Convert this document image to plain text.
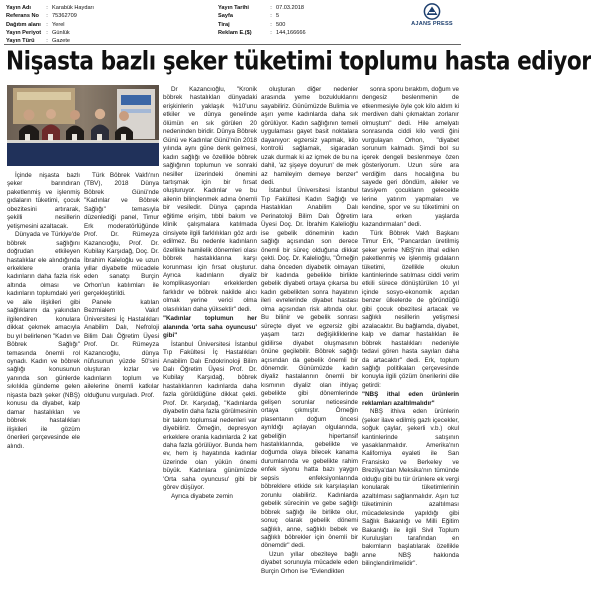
Yayın Adı	: Karabük Haydarı
Referans No	: 75362709
Dağıtım alanı : Yerel
Yayın Periyot : Günlük
Yayın Türü	: Gazete
Yayın Tarihi	: 07.03.2018
Sayfa	: 5
Tiraj	: 500
Reklam E.($)	: 144,166666
AJANS PRESS
Nişasta bazlı şeker tüketimi toplumu hasta ediyor

İçinde nişasta bazlı şeker barındıran paketlenmiş ve işlenmiş gıdaların tüketimi, çocuk obezitesini artırarak, şekilli nesillerin yetişmesini azaltacak.

Dünyada ve Türkiye'de böbrek sağlığını doğrudan etkileyen hastalıklar ele alındığında erkeklere oranla kadınların daha fazla risk altında olması ve kadınların toplumdaki yeri ve aile ilişkileri gibi sağlıklarını da yakından ilgilendiren konulara dikkat çekmek amacıyla bu yıl belirlenen "Kadın ve Böbrek Sağlığı" temasında önemli rol oynadı. Kadın ve böbrek sağlığı konusunun yanında son günlerde sıkılıkla gündeme gelen nişasta bazlı şeker (NBŞ) konusu da diyabet, kalp damar hastalıkları ve böbrek hastalıkları ilişkileri ile gözüm önerileri çerçevesinde ele alındı.

Türk Böbrek Vakfı'nın (TBV), 2018 Dünya Böbrek Günü'nde "Kadınlar ve Böbrek Sağlığı" temasıyla düzenlediği panel, Timur Erk moderatörlüğünde Prof. Dr. Rümeyza Kazancıoğlu, Prof. Dr. Kubilay Karşıdağ, Doç. Dr. İbrahim Kaleloğlu ve uzun yıllar diyabetle mücadele eden sanatçı Burçin Orhon'un katılımları ile gerçekleştirildi.

Panele katılan Bezmialem Vakıf Üniversitesi İç Hastalıkları Anabilim Dalı, Nefroloji Bilim Dalı Öğretim Üyesi Prof. Dr. Rümeyza Kazancıoğlu, dünya nüfusunun yüzde 50'sini oluşturan kızlar ve kadınların toplum ve ailelerine önemli katkılar olduğunu vurguladı. Prof.

Dr Kazancıoğlu, "Kronik böbrek hastalıkları dünyadaki erişkinlerin yaklaşık %10'unu etkiler ve dünya genelinde ölümün en sık görülen 20 nedeninden biridir. Dünya Böbrek Günü ve Kadınlar Günü'nün 2018 yılında aynı güne denk gelmesi, kadın sağlığı ve özellikle böbrek sağlığının toplumun ve sonraki nesiller üzerindeki önemini tartışmak için bir fırsat oluşturuyor. Kadınlar ve bu ailenin bilinçlenmek adına önemli bir vesiledir. Dünya çapında eğitime erişim, tıbbi bakım ve klinik çalışmalara katılmada cinsiyete ilgili farklılıkları göz ardı edilmez. Bu nedenle kadınların özellikle hamilelik dönemleri olası böbrek hastalıklarına karşı korunması için fırsat oluşturur. Ayrıca kadınların diyaliz komplikasyonları erkeklerden farklıdır ve böbrek nakilde alıcı olmak yerine verici olma olasılıkları daha yüksektir" dedi.

"Kadınlar toplumun her alanında 'orta saha oyuncusu' gibi"

İstanbul Üniversitesi İstanbul Tıp Fakültesi İç Hastalıkları Anabilim Dalı Endokrinoloji Bilim Dalı Öğretim Üyesi Prof. Dr. Kubilay Karşıdağ, böbrek hastalıklarının kadınlarda daha fazla görüldüğüne dikkat çekti. Prof. Dr. Karşıdağ, "Kadınlarda diyabetin daha fazla görülmesinin bir takım toplumsal nedenleri var diyebiliriz. Örneğin, depresyon erkeklere oranla kadınlarda 2 kat daha fazla görülüyor. Bunda hem ev, hem iş hayatında kadınlar üzerinde olan yükün önemi büyük. Kadınlara günümüzde 'Orta saha oyuncusu' gibi bir görev düşüyor.

Ayrıca diyabete zemin

oluşturan diğer nedenler arasında yeme bozukluklarını sayabiliriz. Günümüzde Bulimia ve aşırı yeme kadınlarda daha sık görülüyor. Kadın sağlığının temeli uygulaması gayet basit noktalara dayanıyor: egzersiz yapmak, kilo kontrolü sağlamak, sigaradan uzak durmak ki az içmek de bu na dahil, 'az şişeye doyurun' de mek az hamileyim demeye benzer" dedi.

İstanbul Üniversitesi İstanbul Tıp Fakültesi Kadın Sağlığı ve Hastalıkları Anabilim Dalı Perinatoloji Bilim Dalı Öğretim Üyesi Doç. Dr. İbrahim Kalelioğlu ise gebelik döneminin kadın sağlığı açısından son derece önemli bir süreç olduğuna dikkat çekti. Doç. Dr. Kalelioğlu, "Örneğin daha önceden diyabetik olmayan bir kadında gebelikle birlikte gebelik diyabeti ortaya çıkarsa bu kadın gebelikten sonra hayatının ileri evrelerinde diyabet hastası olma açısından risk altında olur. Bu bilinir ve gebelik sonrası süreçte diyet ve egzersiz gibi yaşam tarzı değişikliklerine gidilirse diyabet oluşmasının önüne geçilebilir. Böbrek sağlığı açısından da gebelik önemli bir dönemdir. Günümüzde kadın diyaliz hastalarının önemli bir kısmının diyaliz olan ihtiyaç gebelikte gibi dönemlerinde gelişen sorunlar neticesinde ortaya çıkmıştır. Örneğin plasentanın doğum öncesi ayrıldığı açılayan olgularında, gebeliğin hipertansif hastalıklarında, gebelikte ve doğumda olaya bilecek kanama durumlarında ve gebelikte rahim enfek siyonu hatta bazı yaygın sepsis enfeksiyonlarında böbreklere etkide sık karşılaşılan zorunlu olabiliriz. Kadınlarda gebelik sürecinin ve gebe sağlığı böbrek sağlığı ile birlikte olur, sonuç olarak gebelik dönemi sağlıklı, anne, sağlıklı bebek ve sağlıklı böbrekler için önemli bir dönemdir" dedi.

Uzun yıllar obeziteye bağlı diyabet sorunuyla mücadele eden Burçin Orhon ise "Evlendikten

sonra sporu bıraktım, doğum ve dengesiz beslenmenin de etkenmesiyle öyle çok kilo aldım ki merdiven dahi çıkmaktan zorlanır olmuştum" dedi. Hile amelyatı sonrasında ciddi kilo verdi ğini vurgulayan Orhon, "diyabet sorunum kalmadı. Şimdi bol su içerek dengeli beslenmeye özen gösteriyorum. Uzun süre ara verdiğim dans hocalığına bu sayede geri döndüm, aileler ve tavsiyem çocukların gelecekte lerine yatırım yapmaları ve kendine, spor ve su tüketimini on lara erken yaşlarda kazandırmaları" dedi.

Türk Böbrek Vakfı Başkanı Timur Erk, "Pancardan üretilmiş şeker yerine NBŞ'nin ithal edilen paketlenmiş ve işlenmiş gıdaların tüketimi, özellikle okulun kantinlerinde satılması ciddi verim etkili sürece dönüştürülen 10 yıl içinde sosyo-ekonomik açıdan benzer ülkelerde de göründüğü gibi çocuk obezitesi artacak ve sağlıklı nesillerin yetişmesi azalacaktır. Bu bağlamda, diyabet, kalp ve damar hastalıkları ile böbrek hastalıkları nedeniyle tedavi gören hasta sayıları daha da artacaktır" dedi. Erk, toplum sağlığı politikaları çerçevesinde konuyla ilgili çözüm önerilerini dile getirdi:

"NBŞ ithal eden ürünlerin reklamları azaltılmalıdır"

NBŞ ithiva eden ürünlerin (şeker ilave edilmiş gazlı içecekler, soğuk çaylar, şekerli v.b.) okul kantinlerinde satışının yasaklanmalıdır. Amerika'nın Kaliforniya eyaleti ile San Fransisko ve Berkeley ve Brezilya'dan Meksika'nın tümünde olduğu gibi bu tür ürünlere ek vergi konularak tüketimlerinin azaltılması sağlanmalıdır. Aşırı tuz tüketiminin azaltılması mücadelesinde yapıldığı gibi Sağlık Bakanlığı ve Milli Eğitim Bakanlığı ile ilgili Sivil Toplum Kuruluşları tarafından en bakımların başlatılarak özellikle anne NBŞ hakkında bilinçlendirilmelidir".
